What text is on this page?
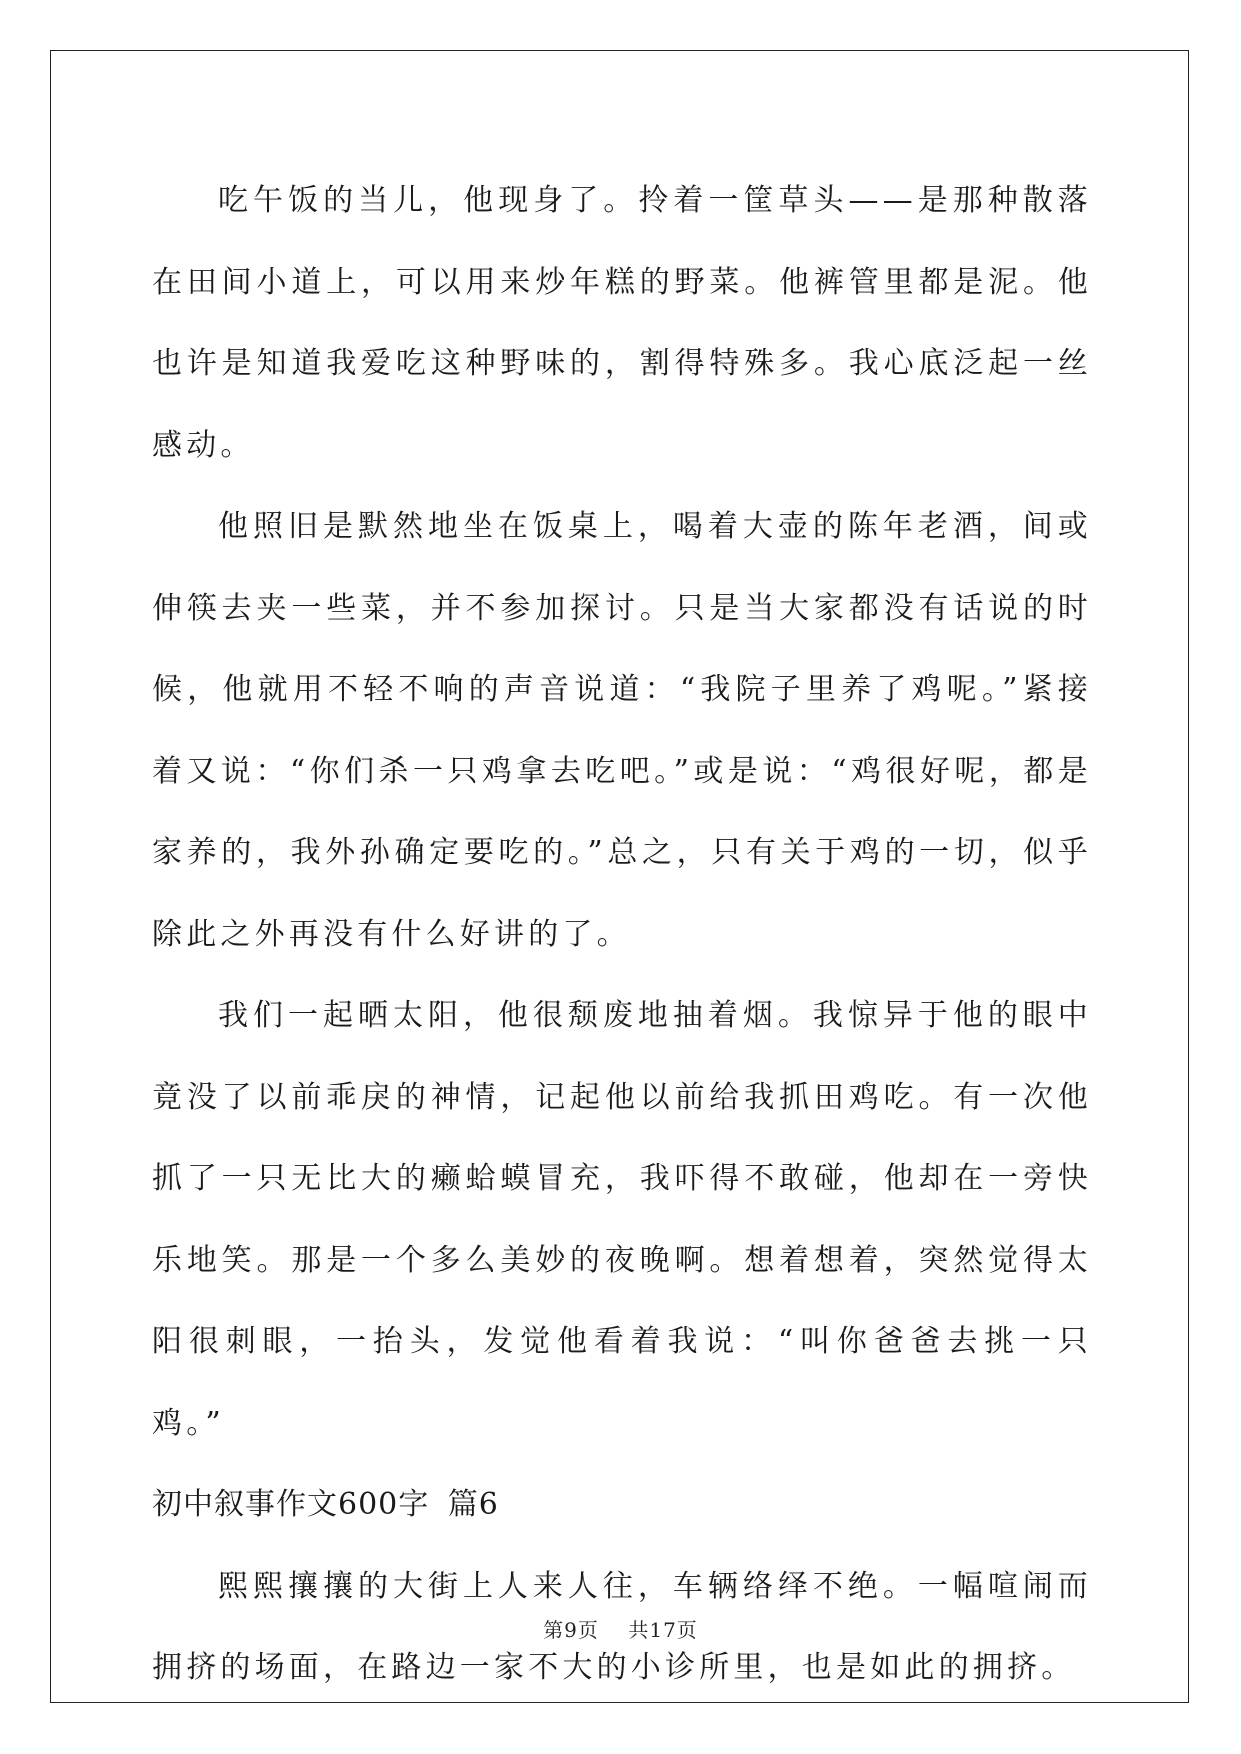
吃午饭的当儿，他现身了。拎着一筐草头——是那种散落在田间小道上，可以用来炒年糕的野菜。他裤管里都是泥。他也许是知道我爱吃这种野味的，割得特殊多。我心底泛起一丝感动。

他照旧是默然地坐在饭桌上，喝着大壶的陈年老酒，间或伸筷去夹一些菜，并不参加探讨。只是当大家都没有话说的时候，他就用不轻不响的声音说道：“我院子里养了鸡呢。”紧接着又说：“你们杀一只鸡拿去吃吧。”或是说：“鸡很好呢，都是家养的，我外孙确定要吃的。”总之，只有关于鸡的一切，似乎除此之外再没有什么好讲的了。

我们一起晒太阳，他很颓废地抽着烟。我惊异于他的眼中竟没了以前乖戾的神情，记起他以前给我抓田鸡吃。有一次他抓了一只无比大的癞蛤蟆冒充，我吓得不敢碰，他却在一旁快乐地笑。那是一个多么美妙的夜晚啊。想着想着，突然觉得太阳很刺眼，一抬头，发觉他看着我说：“叫你爸爸去挑一只鸡。”

初中叙事作文600字 篇6

熙熙攘攘的大街上人来人往，车辆络绎不绝。一幅喧闹而拥挤的场面，在路边一家不大的小诊所里，也是如此的拥挤。

第9页 共17页
